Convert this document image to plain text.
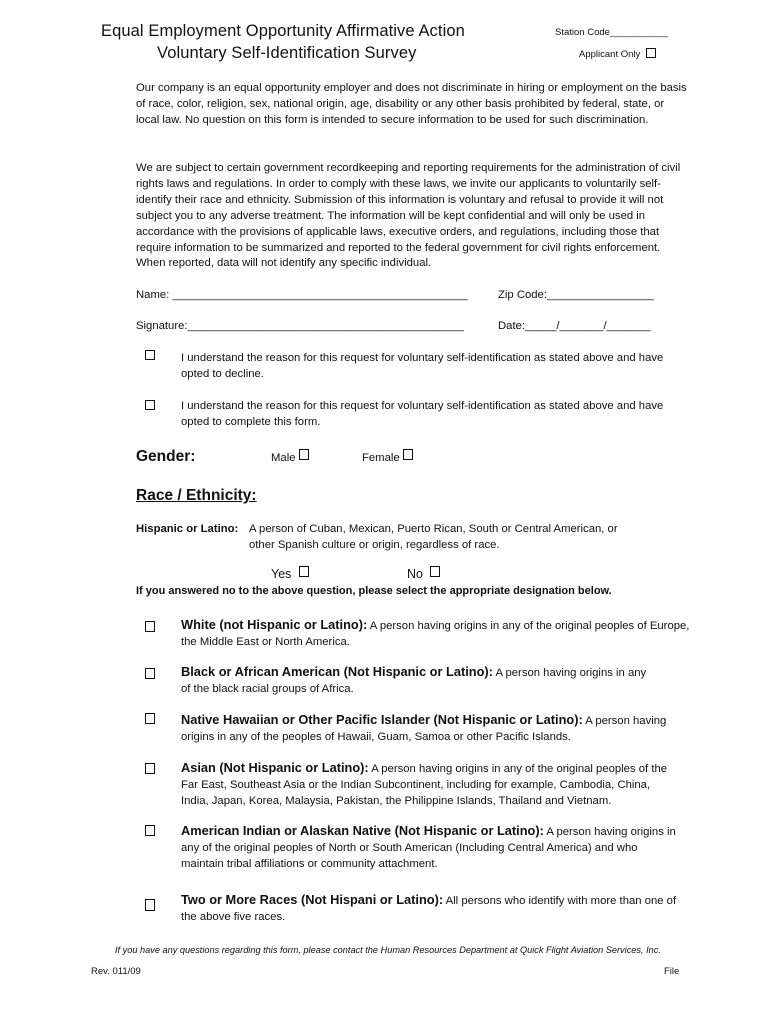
Equal Employment Opportunity Affirmative Action
Voluntary Self-Identification Survey
Station Code___________
Applicant Only

Our company is an equal opportunity employer and does not discriminate in hiring or employment on the basis of race, color, religion, sex, national origin, age, disability or any other basis prohibited by federal, state, or local law. No question on this form is intended to secure information to be used for such discrimination.

We are subject to certain government recordkeeping and reporting requirements for the administration of civil rights laws and regulations. In order to comply with these laws, we invite our applicants to voluntarily self-identify their race and ethnicity. Submission of this information is voluntary and refusal to provide it will not subject you to any adverse treatment. The information will be kept confidential and will only be used in accordance with the provisions of applicable laws, executive orders, and regulations, including those that require information to be summarized and reported to the federal government for civil rights enforcement. When reported, data will not identify any specific individual.

Name: _______________________________________________	Zip Code:_________________
Signature:____________________________________________	Date:_____/_______/_______
I understand the reason for this request for voluntary self-identification as stated above and have opted to decline.
I understand the reason for this request for voluntary self-identification as stated above and have opted to complete this form.
Gender:	Male	Female
Race / Ethnicity:
Hispanic or Latino: A person of Cuban, Mexican, Puerto Rican, South or Central American, or
other Spanish culture or origin, regardless of race.
Yes	No
If you answered no to the above question, please select the appropriate designation below.
White (not Hispanic or Latino): A person having origins in any of the original peoples of Europe, the Middle East or North America.
Black or African American (Not Hispanic or Latino): A person having origins in any of the black racial groups of Africa.
Native Hawaiian or Other Pacific Islander (Not Hispanic or Latino): A person having origins in any of the peoples of Hawaii, Guam, Samoa or other Pacific Islands.
Asian (Not Hispanic or Latino): A person having origins in any of the original peoples of the Far East, Southeast Asia or the Indian Subcontinent, including for example, Cambodia, China, India, Japan, Korea, Malaysia, Pakistan, the Philippine Islands, Thailand and Vietnam.
American Indian or Alaskan Native (Not Hispanic or Latino): A person having origins in any of the original peoples of North or South American (Including Central America) and who maintain tribal affiliations or community attachment.
Two or More Races (Not Hispani or Latino): All persons who identify with more than one of the above five races.
If you have any questions regarding this form, please contact the Human Resources Department at Quick Flight Aviation Services, Inc.
Rev. 011/09	File
